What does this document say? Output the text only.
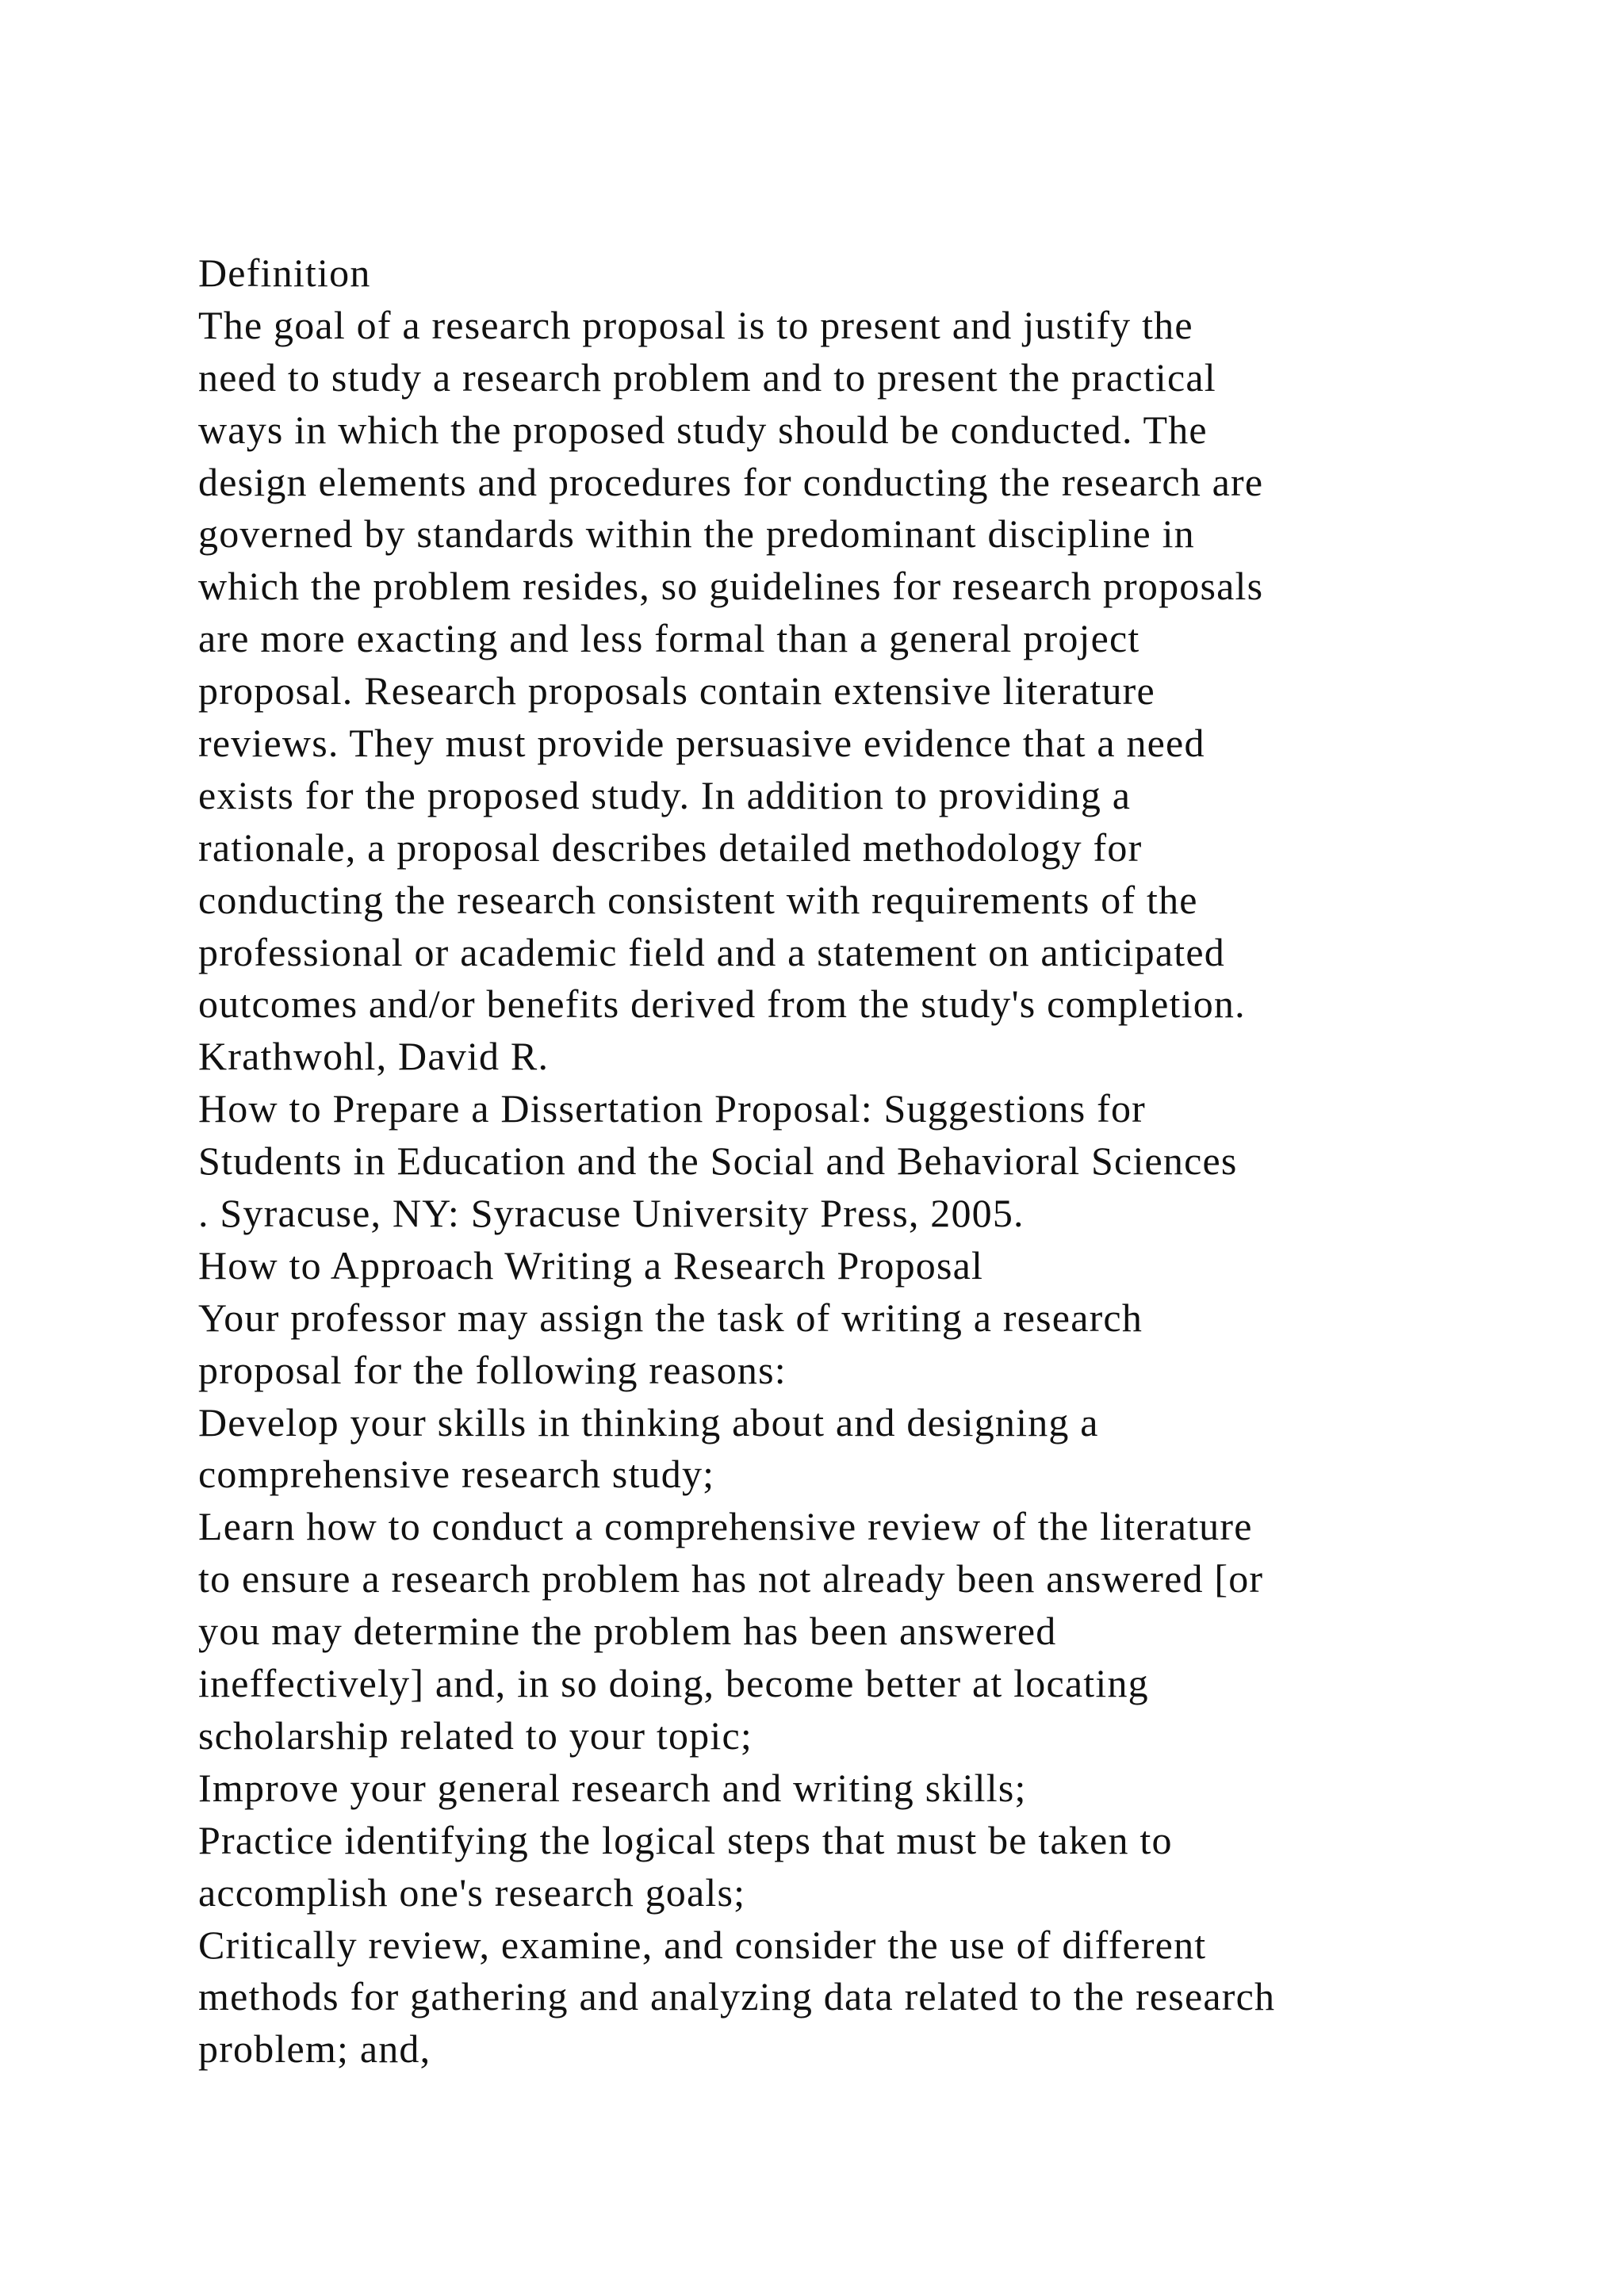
Definition
The goal of a research proposal is to present and justify the
need to study a research problem and to present the practical
ways in which the proposed study should be conducted. The
design elements and procedures for conducting the research are
governed by standards within the predominant discipline in
which the problem resides, so guidelines for research proposals
are more exacting and less formal than a general project
proposal. Research proposals contain extensive literature
reviews. They must provide persuasive evidence that a need
exists for the proposed study. In addition to providing a
rationale, a proposal describes detailed methodology for
conducting the research consistent with requirements of the
professional or academic field and a statement on anticipated
outcomes and/or benefits derived from the study's completion.
Krathwohl, David R.
How to Prepare a Dissertation Proposal: Suggestions for
Students in Education and the Social and Behavioral Sciences
. Syracuse, NY: Syracuse University Press, 2005.
How to Approach Writing a Research Proposal
Your professor may assign the task of writing a research
proposal for the following reasons:
Develop your skills in thinking about and designing a
comprehensive research study;
Learn how to conduct a comprehensive review of the literature
to ensure a research problem has not already been answered [or
you may determine the problem has been answered
ineffectively] and, in so doing, become better at locating
scholarship related to your topic;
Improve your general research and writing skills;
Practice identifying the logical steps that must be taken to
accomplish one's research goals;
Critically review, examine, and consider the use of different
methods for gathering and analyzing data related to the research
problem; and,
